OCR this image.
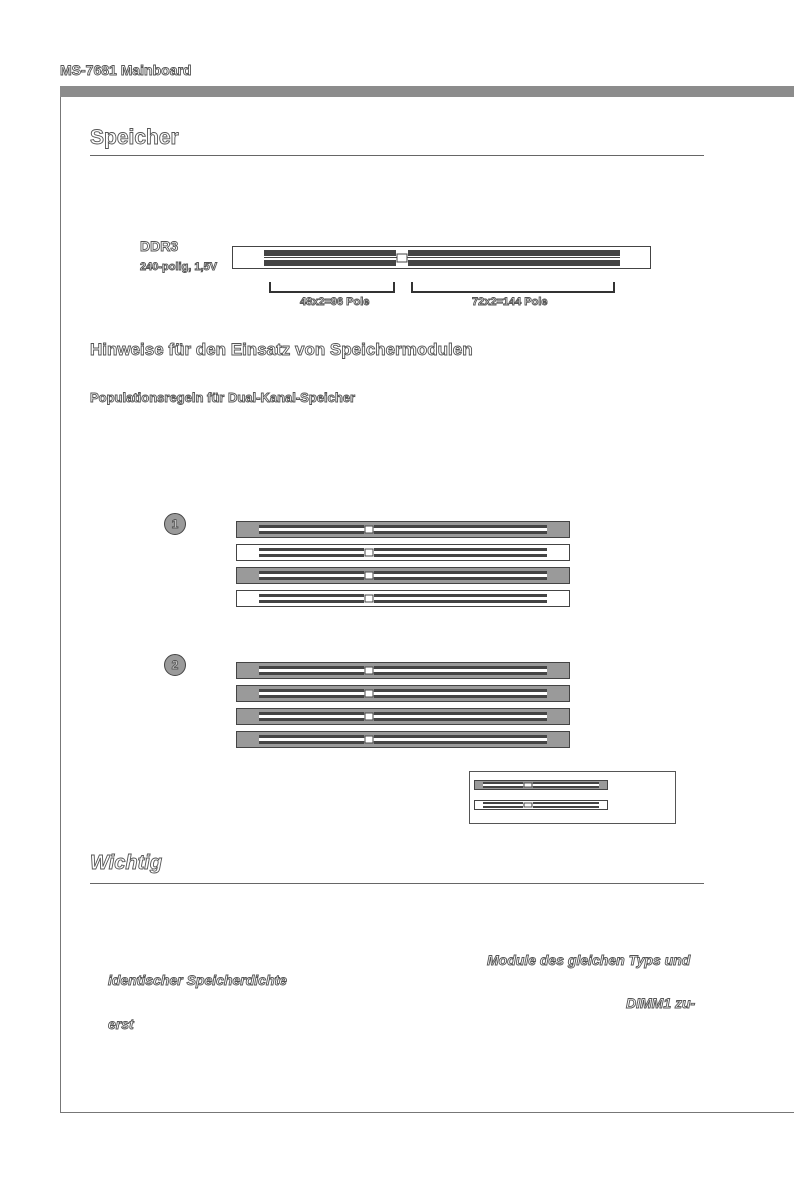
MS-7681 Mainboard
Speicher
DDR3
240-polig, 1,5V
48x2=96 Pole	72x2=144 Pole
Hinweise für den Einsatz von Speichermodulen
Populationsregeln für Dual-Kanal-Speicher
1
2
Wichtig
Module des gleichen Typs und
identischer Speicherdichte
DIMM1 zu-
erst
